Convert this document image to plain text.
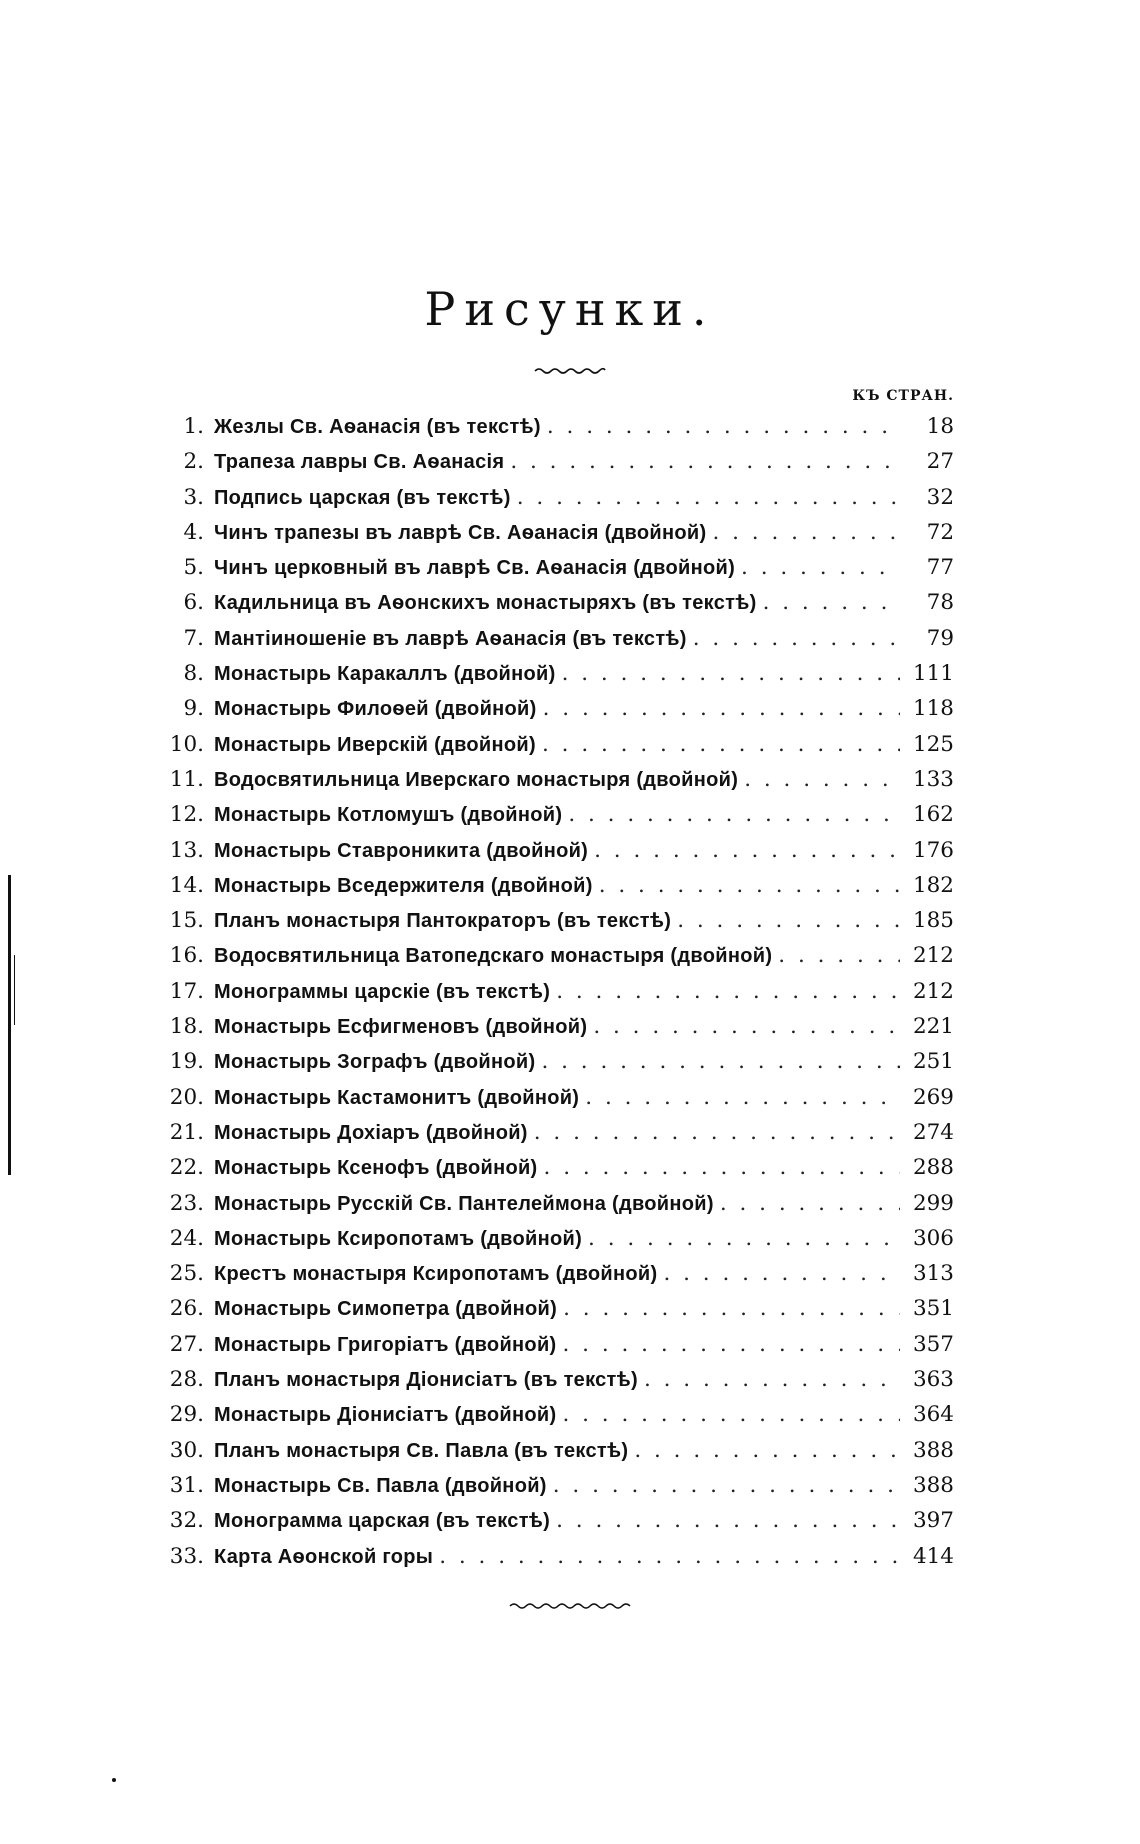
Рисунки.
КЪ СТРАН.
1. Жезлы Св. Аѳанасія (въ текстѣ) . . .	18
2. Трапеза лавры Св. Аѳанасія . . .	27
3. Подпись царская (въ текстѣ) . . .	32
4. Чинъ трапезы въ лаврѣ Св. Аѳанасія (двойной) . . .	72
5. Чинъ церковный въ лаврѣ Св. Аѳанасія (двойной) . . .	77
6. Кадильница въ Аѳонскихъ монастыряхъ (въ текстѣ) . . .	78
7. Мантіиношеніе въ лаврѣ Аѳанасія (въ текстѣ) . . .	79
8. Монастырь Каракаллъ (двойной) . . .	111
9. Монастырь Филоѳей (двойной) . . .	118
10. Монастырь Иверскій (двойной) . . .	125
11. Водосвятильница Иверскаго монастыря (двойной) . . .	133
12. Монастырь Котломушъ (двойной) . . .	162
13. Монастырь Ставроникита (двойной) . . .	176
14. Монастырь Вседержителя (двойной) . . .	182
15. Планъ монастыря Пантократоръ (въ текстѣ) . . .	185
16. Водосвятильница Ватопедскаго монастыря (двойной) . . .	212
17. Монограммы царскіе (въ текстѣ) . . .	212
18. Монастырь Есфигменовъ (двойной) . . .	221
19. Монастырь Зографъ (двойной) . . .	251
20. Монастырь Кастамонитъ (двойной) . . .	269
21. Монастырь Дохіаръ (двойной) . . .	274
22. Монастырь Ксенофъ (двойной) . . .	288
23. Монастырь Русскій Св. Пантелеймона (двойной) . . .	299
24. Монастырь Ксиропотамъ (двойной) . . .	306
25. Крестъ монастыря Ксиропотамъ (двойной) . . .	313
26. Монастырь Симопетра (двойной) . . .	351
27. Монастырь Григоріатъ (двойной) . . .	357
28. Планъ монастыря Діонисіатъ (въ текстѣ) . . .	363
29. Монастырь Діонисіатъ (двойной) . . .	364
30. Планъ монастыря Св. Павла (въ текстѣ) . . .	388
31. Монастырь Св. Павла (двойной) . . .	388
32. Монограмма царская (въ текстѣ) . . .	397
33. Карта Аѳонской горы . . .	414
